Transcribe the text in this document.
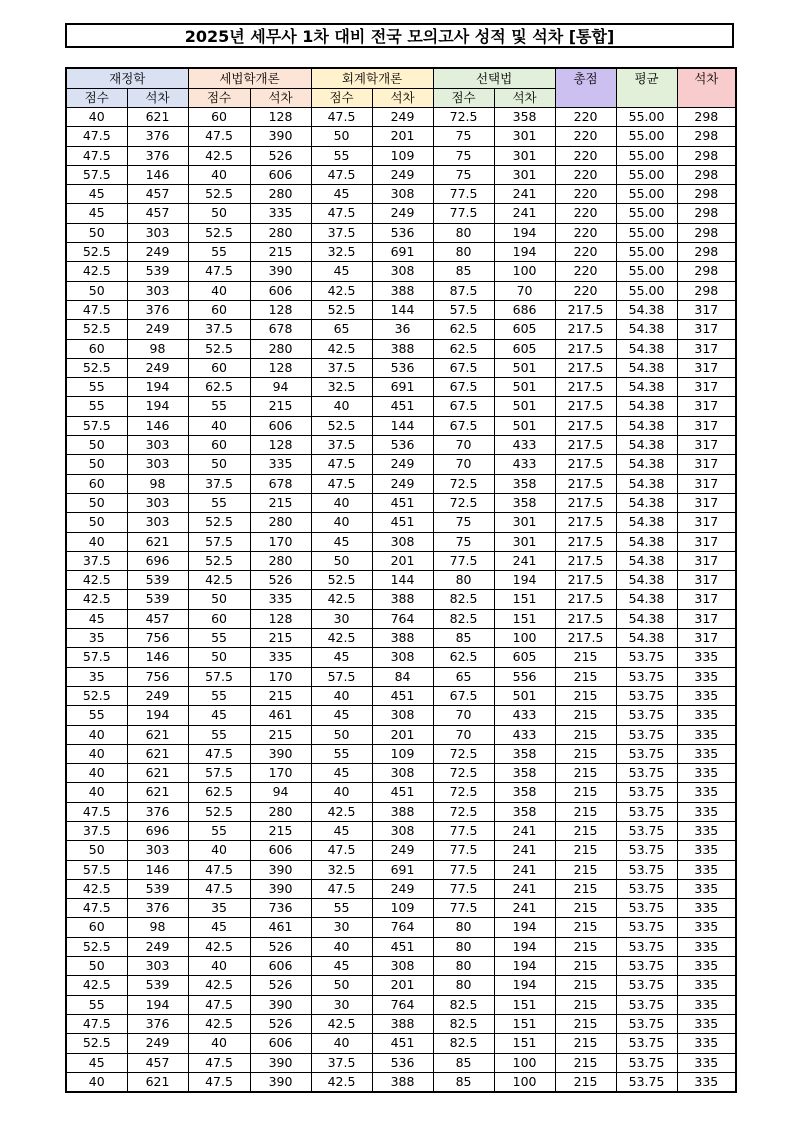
2025년 세무사 1차 대비 전국 모의고사 성적 및 석차 [통합]
재정학		세법학개론		회계학개론		선택법		총점	평균	석차
점수	석차	점수	석차	점수	석차	점수	석차			
40	621	60	128	47.5	249	72.5	358	220	55.00	298
47.5	376	47.5	390	50	201	75	301	220	55.00	298
47.5	376	42.5	526	55	109	75	301	220	55.00	298
57.5	146	40	606	47.5	249	75	301	220	55.00	298
45	457	52.5	280	45	308	77.5	241	220	55.00	298
45	457	50	335	47.5	249	77.5	241	220	55.00	298
50	303	52.5	280	37.5	536	80	194	220	55.00	298
52.5	249	55	215	32.5	691	80	194	220	55.00	298
42.5	539	47.5	390	45	308	85	100	220	55.00	298
50	303	40	606	42.5	388	87.5	70	220	55.00	298
47.5	376	60	128	52.5	144	57.5	686	217.5	54.38	317
52.5	249	37.5	678	65	36	62.5	605	217.5	54.38	317
60	98	52.5	280	42.5	388	62.5	605	217.5	54.38	317
52.5	249	60	128	37.5	536	67.5	501	217.5	54.38	317
55	194	62.5	94	32.5	691	67.5	501	217.5	54.38	317
55	194	55	215	40	451	67.5	501	217.5	54.38	317
57.5	146	40	606	52.5	144	67.5	501	217.5	54.38	317
50	303	60	128	37.5	536	70	433	217.5	54.38	317
50	303	50	335	47.5	249	70	433	217.5	54.38	317
60	98	37.5	678	47.5	249	72.5	358	217.5	54.38	317
50	303	55	215	40	451	72.5	358	217.5	54.38	317
50	303	52.5	280	40	451	75	301	217.5	54.38	317
40	621	57.5	170	45	308	75	301	217.5	54.38	317
37.5	696	52.5	280	50	201	77.5	241	217.5	54.38	317
42.5	539	42.5	526	52.5	144	80	194	217.5	54.38	317
42.5	539	50	335	42.5	388	82.5	151	217.5	54.38	317
45	457	60	128	30	764	82.5	151	217.5	54.38	317
35	756	55	215	42.5	388	85	100	217.5	54.38	317
57.5	146	50	335	45	308	62.5	605	215	53.75	335
35	756	57.5	170	57.5	84	65	556	215	53.75	335
52.5	249	55	215	40	451	67.5	501	215	53.75	335
55	194	45	461	45	308	70	433	215	53.75	335
40	621	55	215	50	201	70	433	215	53.75	335
40	621	47.5	390	55	109	72.5	358	215	53.75	335
40	621	57.5	170	45	308	72.5	358	215	53.75	335
40	621	62.5	94	40	451	72.5	358	215	53.75	335
47.5	376	52.5	280	42.5	388	72.5	358	215	53.75	335
37.5	696	55	215	45	308	77.5	241	215	53.75	335
50	303	40	606	47.5	249	77.5	241	215	53.75	335
57.5	146	47.5	390	32.5	691	77.5	241	215	53.75	335
42.5	539	47.5	390	47.5	249	77.5	241	215	53.75	335
47.5	376	35	736	55	109	77.5	241	215	53.75	335
60	98	45	461	30	764	80	194	215	53.75	335
52.5	249	42.5	526	40	451	80	194	215	53.75	335
50	303	40	606	45	308	80	194	215	53.75	335
42.5	539	42.5	526	50	201	80	194	215	53.75	335
55	194	47.5	390	30	764	82.5	151	215	53.75	335
47.5	376	42.5	526	42.5	388	82.5	151	215	53.75	335
52.5	249	40	606	40	451	82.5	151	215	53.75	335
45	457	47.5	390	37.5	536	85	100	215	53.75	335
40	621	47.5	390	42.5	388	85	100	215	53.75	335
